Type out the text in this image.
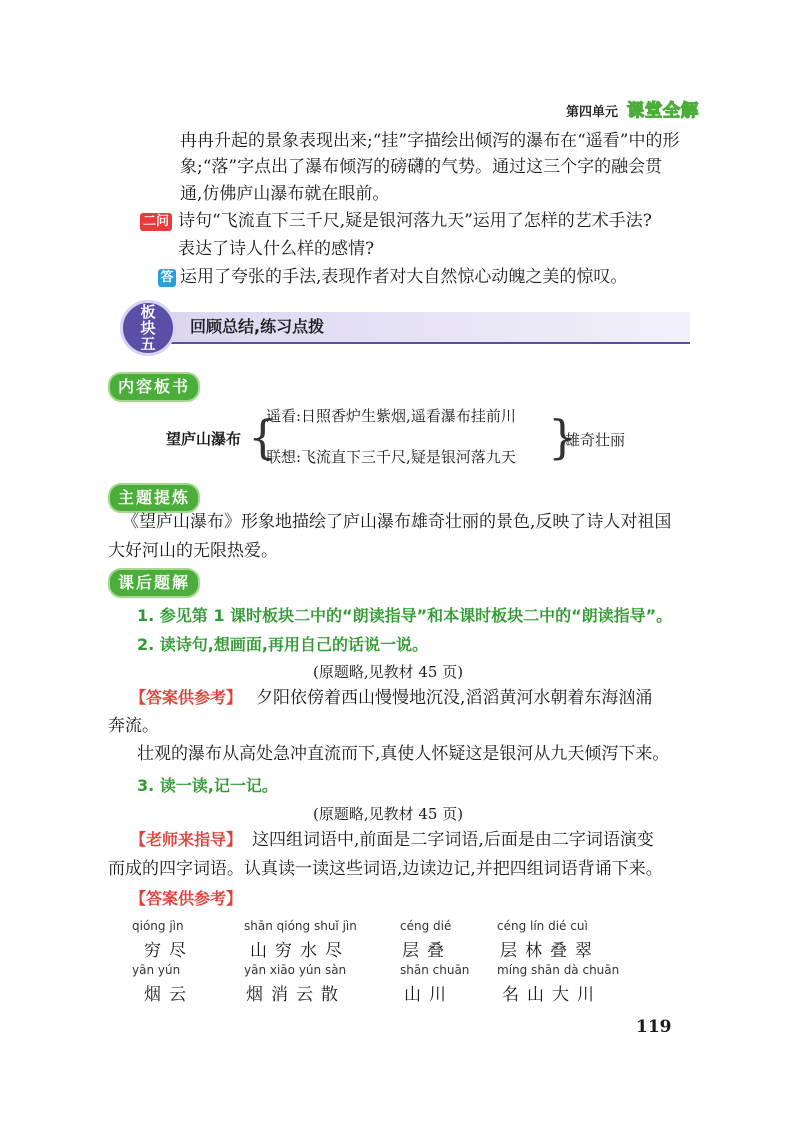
第四单元 课堂全解
冉冉升起的景象表现出来;“挂”字描绘出倾泻的瀑布在“遥看”中的形
象;“落”字点出了瀑布倾泻的磅礴的气势。通过这三个字的融会贯
通,仿佛庐山瀑布就在眼前。
二问 诗句“飞流直下三千尺,疑是银河落九天”运用了怎样的艺术手法?
表达了诗人什么样的感情?
答 运用了夸张的手法,表现作者对大自然惊心动魄之美的惊叹。
板
块
五
回顾总结,练习点拨
内容板书
望庐山瀑布 {
遥看:日照香炉生紫烟,遥看瀑布挂前川
联想:飞流直下三千尺,疑是银河落九天 }
雄奇壮丽
主题提炼
《望庐山瀑布》形象地描绘了庐山瀑布雄奇壮丽的景色,反映了诗人对祖国
大好河山的无限热爱。
课后题解
1. 参见第 1 课时板块二中的“朗读指导”和本课时板块二中的“朗读指导”。
2. 读诗句,想画面,再用自己的话说一说。
(原题略,见教材 45 页)
【答案供参考】 夕阳依傍着西山慢慢地沉没,滔滔黄河水朝着东海汹涌
奔流。
壮观的瀑布从高处急冲直流而下,真使人怀疑这是银河从九天倾泻下来。
3. 读一读,记一记。
(原题略,见教材 45 页)
【老师来指导】 这四组词语中,前面是二字词语,后面是由二字词语演变
而成的四字词语。认真读一读这些词语,边读边记,并把四组词语背诵下来。
【答案供参考】
qióng jìn
穷尽
shān qióng shuǐ jìn
山穷水尽
céng dié
层叠
céng lín dié cuì
层林叠翠
yān yún
烟云
yān xiāo yún sàn
烟消云散
shān chuān
山川
míng shān dà chuān
名山大川
119
